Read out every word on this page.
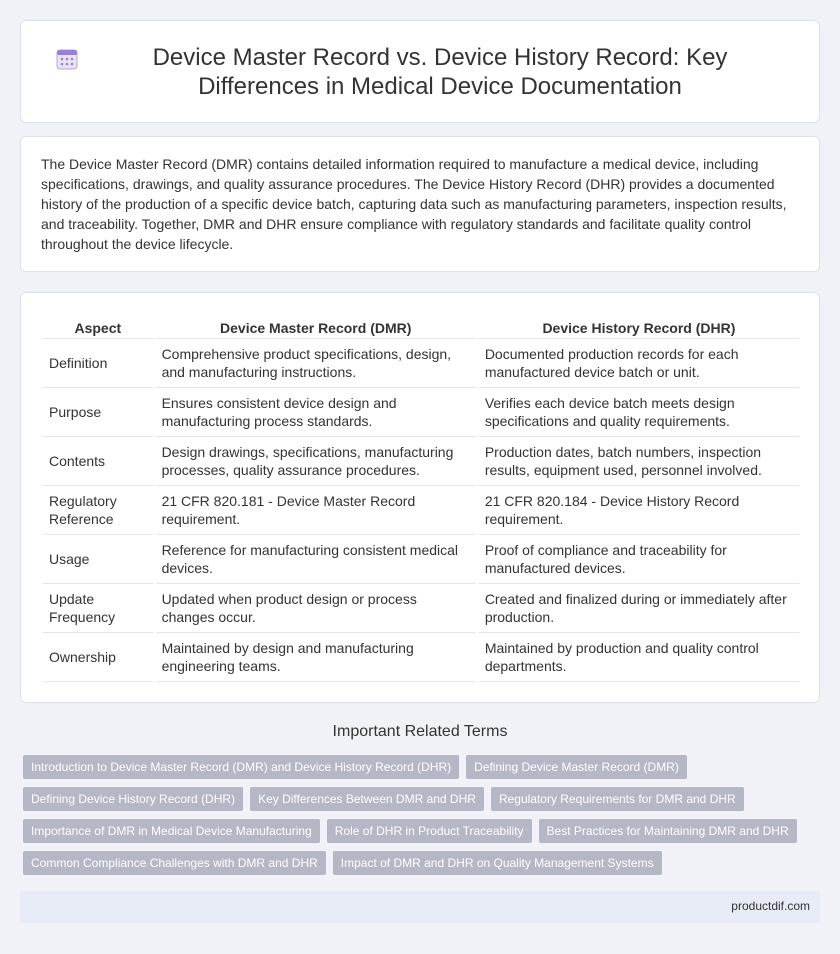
Device Master Record vs. Device History Record: Key Differences in Medical Device Documentation

The Device Master Record (DMR) contains detailed information required to manufacture a medical device, including specifications, drawings, and quality assurance procedures. The Device History Record (DHR) provides a documented history of the production of a specific device batch, capturing data such as manufacturing parameters, inspection results, and traceability. Together, DMR and DHR ensure compliance with regulatory standards and facilitate quality control throughout the device lifecycle.

Aspect		Device Master Record (DMR)		Device History Record (DHR)
Definition		Comprehensive product specifications, design, and manufacturing instructions.		Documented production records for each manufactured device batch or unit.
Purpose		Ensures consistent device design and manufacturing process standards.		Verifies each device batch meets design specifications and quality requirements.
Contents		Design drawings, specifications, manufacturing processes, quality assurance procedures.		Production dates, batch numbers, inspection results, equipment used, personnel involved.
Regulatory Reference		21 CFR 820.181 - Device Master Record requirement.		21 CFR 820.184 - Device History Record requirement.
Usage		Reference for manufacturing consistent medical devices.		Proof of compliance and traceability for manufactured devices.
Update Frequency		Updated when product design or process changes occur.		Created and finalized during or immediately after production.
Ownership		Maintained by design and manufacturing engineering teams.		Maintained by production and quality control departments.
Important Related Terms
Introduction to Device Master Record (DMR) and Device History Record (DHR)	Defining Device Master Record (DMR)
Defining Device History Record (DHR)	Key Differences Between DMR and DHR	Regulatory Requirements for DMR and DHR
Importance of DMR in Medical Device Manufacturing	Role of DHR in Product Traceability	Best Practices for Maintaining DMR and DHR
Common Compliance Challenges with DMR and DHR	Impact of DMR and DHR on Quality Management Systems
productdif.com
